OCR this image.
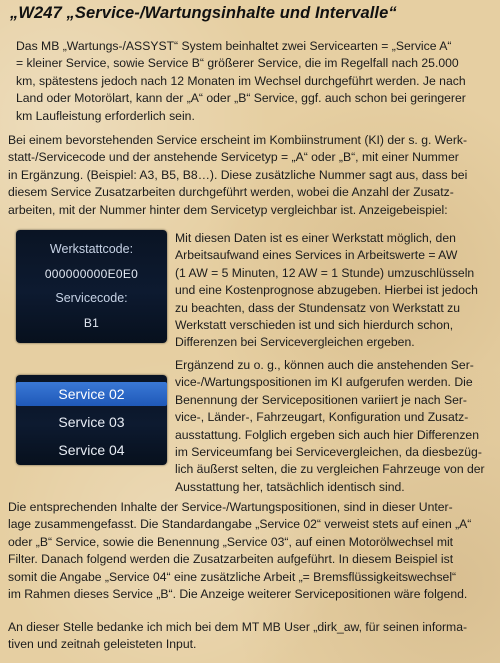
„W247 „Service-/Wartungsinhalte und Intervalle“

Das MB „Wartungs-/ASSYST“ System beinhaltet zwei Servicearten = „Service A“
= kleiner Service, sowie Service B“ größerer Service, die im Regelfall nach 25.000
km, spätestens jedoch nach 12 Monaten im Wechsel durchgeführt werden. Je nach
Land oder Motorölart, kann der „A“ oder „B“ Service, ggf. auch schon bei geringerer
km Laufleistung erforderlich sein.

Bei einem bevorstehenden Service erscheint im Kombiinstrument (KI) der s. g. Werk-
statt-/Servicecode und der anstehende Servicetyp = „A“ oder „B“, mit einer Nummer
in Ergänzung. (Beispiel: A3, B5, B8…). Diese zusätzliche Nummer sagt aus, dass bei
diesem Service Zusatzarbeiten durchgeführt werden, wobei die Anzahl der Zusatz-
arbeiten, mit der Nummer hinter dem Servicetyp vergleichbar ist. Anzeigebeispiel:

Werkstattcode:
000000000E0E0
Servicecode:
B1

Mit diesen Daten ist es einer Werkstatt möglich, den
Arbeitsaufwand eines Services in Arbeitswerte = AW
(1 AW = 5 Minuten, 12 AW = 1 Stunde) umzuschlüsseln
und eine Kostenprognose abzugeben. Hierbei ist jedoch
zu beachten, dass der Stundensatz von Werkstatt zu
Werkstatt verschieden ist und sich hierdurch schon,
Differenzen bei Servicevergleichen ergeben.

Service 02
Service 03
Service 04

Ergänzend zu o. g., können auch die anstehenden Ser-
vice-/Wartungspositionen im KI aufgerufen werden. Die
Benennung der Servicepositionen variiert je nach Ser-
vice-, Länder-, Fahrzeugart, Konfiguration und Zusatz-
ausstattung. Folglich ergeben sich auch hier Differenzen
im Serviceumfang bei Servicevergleichen, da diesbezüg-
lich äußerst selten, die zu vergleichen Fahrzeuge von der
Ausstattung her, tatsächlich identisch sind.

Die entsprechenden Inhalte der Service-/Wartungspositionen, sind in dieser Unter-
lage zusammengefasst. Die Standardangabe „Service 02“ verweist stets auf einen „A“
oder „B“ Service, sowie die Benennung „Service 03“, auf einen Motorölwechsel mit
Filter. Danach folgend werden die Zusatzarbeiten aufgeführt. In diesem Beispiel ist
somit die Angabe „Service 04“ eine zusätzliche Arbeit „= Bremsflüssigkeitswechsel“
im Rahmen dieses Service „B“. Die Anzeige weiterer Servicepositionen wäre folgend.

An dieser Stelle bedanke ich mich bei dem MT MB User „dirk_aw, für seinen informa-
tiven und zeitnah geleisteten Input.
